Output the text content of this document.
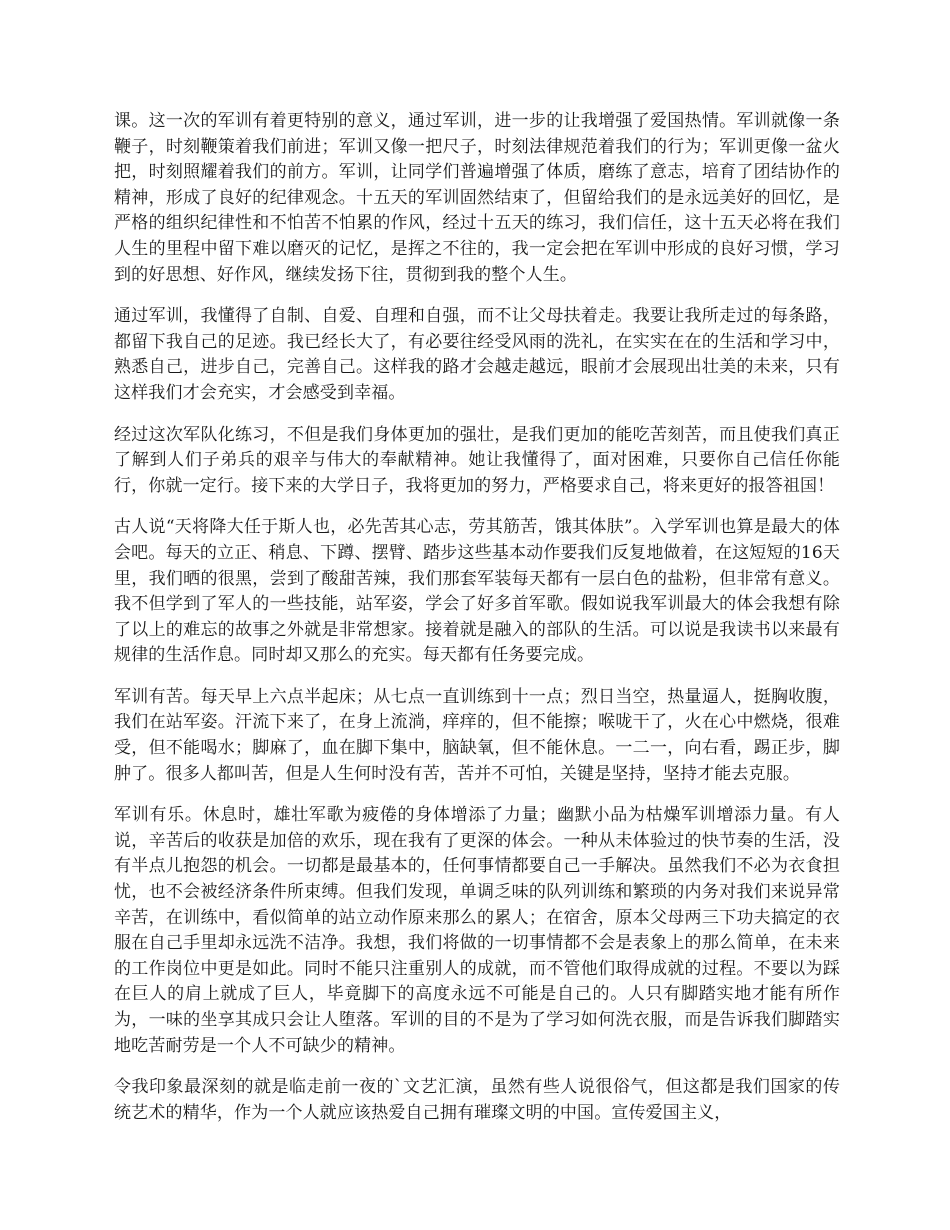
课。这一次的军训有着更特别的意义，通过军训，进一步的让我增强了爱国热情。军训就像一条鞭子，时刻鞭策着我们前进；军训又像一把尺子，时刻法律规范着我们的行为；军训更像一盆火把，时刻照耀着我们的前方。军训，让同学们普遍增强了体质，磨练了意志，培育了团结协作的精神，形成了良好的纪律观念。十五天的军训固然结束了，但留给我们的是永远美好的回忆，是严格的组织纪律性和不怕苦不怕累的作风，经过十五天的练习，我们信任，这十五天必将在我们人生的里程中留下难以磨灭的记忆，是挥之不往的，我一定会把在军训中形成的良好习惯，学习到的好思想、好作风，继续发扬下往，贯彻到我的整个人生。

通过军训，我懂得了自制、自爱、自理和自强，而不让父母扶着走。我要让我所走过的每条路，都留下我自己的足迹。我已经长大了，有必要往经受风雨的洗礼，在实实在在的生活和学习中，熟悉自己，进步自己，完善自己。这样我的路才会越走越远，眼前才会展现出壮美的未来，只有这样我们才会充实，才会感受到幸福。

经过这次军队化练习，不但是我们身体更加的强壮，是我们更加的能吃苦刻苦，而且使我们真正了解到人们子弟兵的艰辛与伟大的奉献精神。她让我懂得了，面对困难，只要你自己信任你能行，你就一定行。接下来的大学日子，我将更加的努力，严格要求自己，将来更好的报答祖国！

古人说“天将降大任于斯人也，必先苦其心志，劳其筋苦，饿其体肤”。入学军训也算是最大的体会吧。每天的立正、稍息、下蹲、摆臂、踏步这些基本动作要我们反复地做着，在这短短的16天里，我们晒的很黑，尝到了酸甜苦辣，我们那套军装每天都有一层白色的盐粉，但非常有意义。我不但学到了军人的一些技能，站军姿，学会了好多首军歌。假如说我军训最大的体会我想有除了以上的难忘的故事之外就是非常想家。接着就是融入的部队的生活。可以说是我读书以来最有规律的生活作息。同时却又那么的充实。每天都有任务要完成。

军训有苦。每天早上六点半起床；从七点一直训练到十一点；烈日当空，热量逼人，挺胸收腹，我们在站军姿。汗流下来了，在身上流淌，痒痒的，但不能擦；喉咙干了，火在心中燃烧，很难受，但不能喝水；脚麻了，血在脚下集中，脑缺氧，但不能休息。一二一，向右看，踢正步，脚肿了。很多人都叫苦，但是人生何时没有苦，苦并不可怕，关键是坚持，坚持才能去克服。

军训有乐。休息时，雄壮军歌为疲倦的身体增添了力量；幽默小品为枯燥军训增添力量。有人说，辛苦后的收获是加倍的欢乐，现在我有了更深的体会。一种从未体验过的快节奏的生活，没有半点儿抱怨的机会。一切都是最基本的，任何事情都要自己一手解决。虽然我们不必为衣食担忧，也不会被经济条件所束缚。但我们发现，单调乏味的队列训练和繁琐的内务对我们来说异常辛苦，在训练中，看似简单的站立动作原来那么的累人；在宿舍，原本父母两三下功夫搞定的衣服在自己手里却永远洗不洁净。我想，我们将做的一切事情都不会是表象上的那么简单，在未来的工作岗位中更是如此。同时不能只注重别人的成就，而不管他们取得成就的过程。不要以为踩在巨人的肩上就成了巨人，毕竟脚下的高度永远不可能是自己的。人只有脚踏实地才能有所作为，一味的坐享其成只会让人堕落。军训的目的不是为了学习如何洗衣服，而是告诉我们脚踏实地吃苦耐劳是一个人不可缺少的精神。

令我印象最深刻的就是临走前一夜的`文艺汇演，虽然有些人说很俗气，但这都是我们国家的传统艺术的精华，作为一个人就应该热爱自己拥有璀璨文明的中国。宣传爱国主义，
